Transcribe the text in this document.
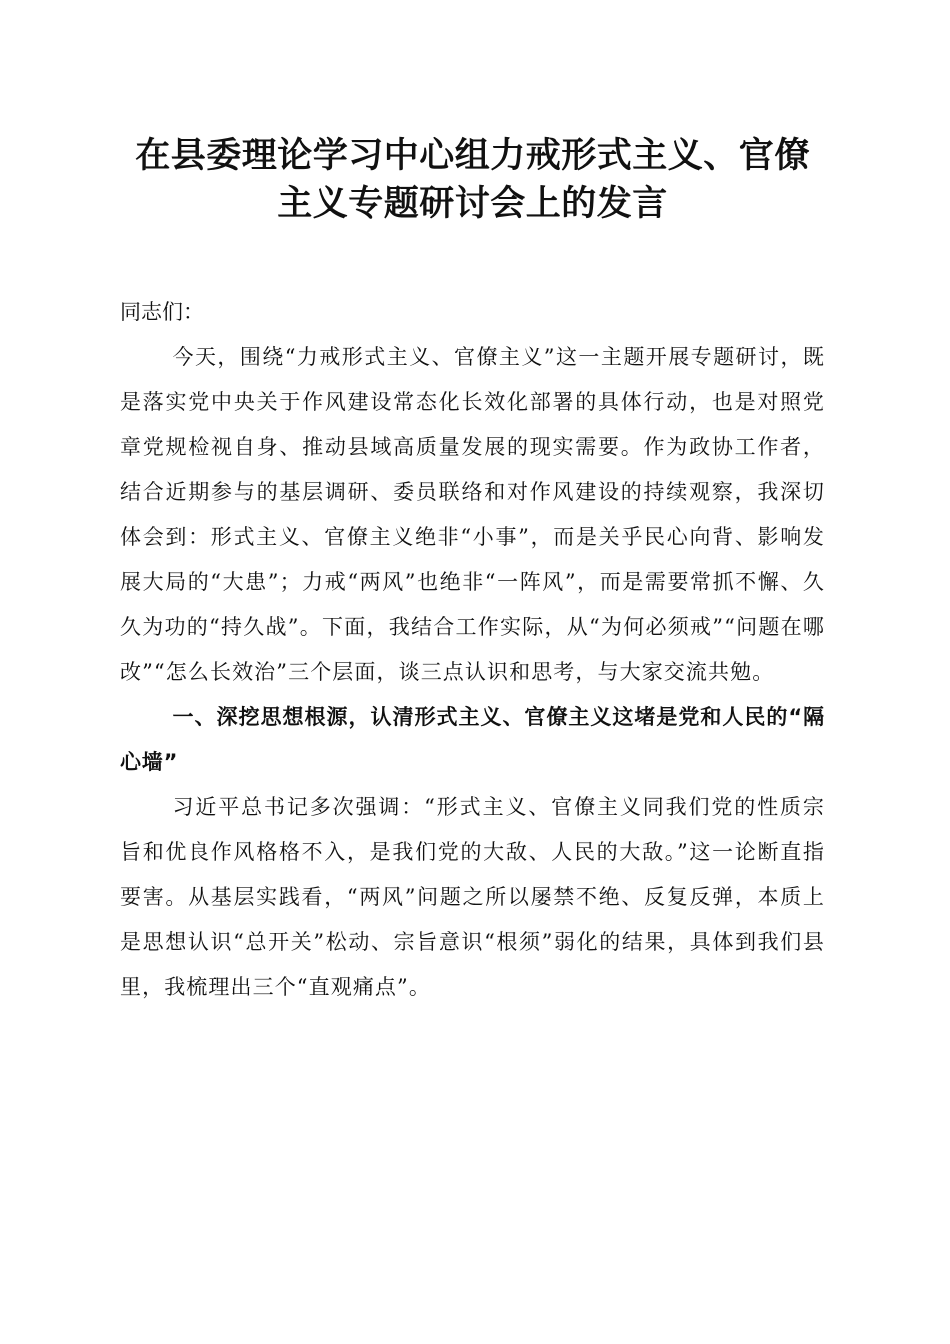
在县委理论学习中心组力戒形式主义、官僚主义专题研讨会上的发言

同志们：

今天，围绕“力戒形式主义、官僚主义”这一主题开展专题研讨，既是落实党中央关于作风建设常态化长效化部署的具体行动，也是对照党章党规检视自身、推动县域高质量发展的现实需要。作为政协工作者，结合近期参与的基层调研、委员联络和对作风建设的持续观察，我深切体会到：形式主义、官僚主义绝非“小事”，而是关乎民心向背、影响发展大局的“大患”；力戒“两风”也绝非“一阵风”，而是需要常抓不懈、久久为功的“持久战”。下面，我结合工作实际，从“为何必须戒”“问题在哪改”“怎么长效治”三个层面，谈三点认识和思考，与大家交流共勉。

一、深挖思想根源，认清形式主义、官僚主义这堵是党和人民的“隔心墙”

习近平总书记多次强调：“形式主义、官僚主义同我们党的性质宗旨和优良作风格格不入，是我们党的大敌、人民的大敌。”这一论断直指要害。从基层实践看，“两风”问题之所以屡禁不绝、反复反弹，本质上是思想认识“总开关”松动、宗旨意识“根须”弱化的结果，具体到我们县里，我梳理出三个“直观痛点”。
